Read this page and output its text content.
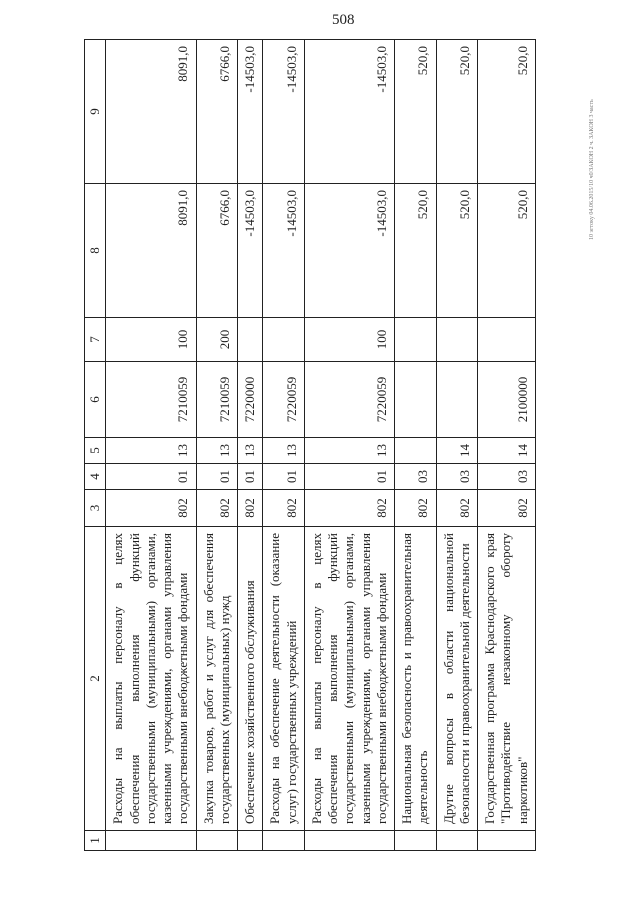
508
10 эгтоку 04.06.2015/10 ч0/ЗАКОН 2 ч. ЗАКОН 3 часть
1	2	3	4	5	6	7	8	9
	Расходы на выплаты персоналу в целях обеспечения выполнения функций государственными (муниципальными) органами, казенными учреждениями, органами управления государственными внебюджетными фондами	802	01	13	7210059	100	8091,0	8091,0
	Закупка товаров, работ и услуг для обеспечения государственных (муниципальных) нужд	802	01	13	7210059	200	6766,0	6766,0
	Обеспечение хозяйственного обслуживания	802	01	13	7220000		-14503,0	-14503,0
	Расходы на обеспечение деятельности (оказание услуг) государственных учреждений	802	01	13	7220059		-14503,0	-14503,0
	Расходы на выплаты персоналу в целях обеспечения выполнения функций государственными (муниципальными) органами, казенными учреждениями, органами управления государственными внебюджетными фондами	802	01	13	7220059	100	-14503,0	-14503,0
	Национальная безопасность и правоохранительная деятельность	802	03				520,0	520,0
	Другие вопросы в области национальной безопасности и правоохранительной деятельности	802	03	14			520,0	520,0
	Государственная программа Краснодарского края "Противодействие незаконному обороту наркотиков"	802	03	14	2100000		520,0	520,0
